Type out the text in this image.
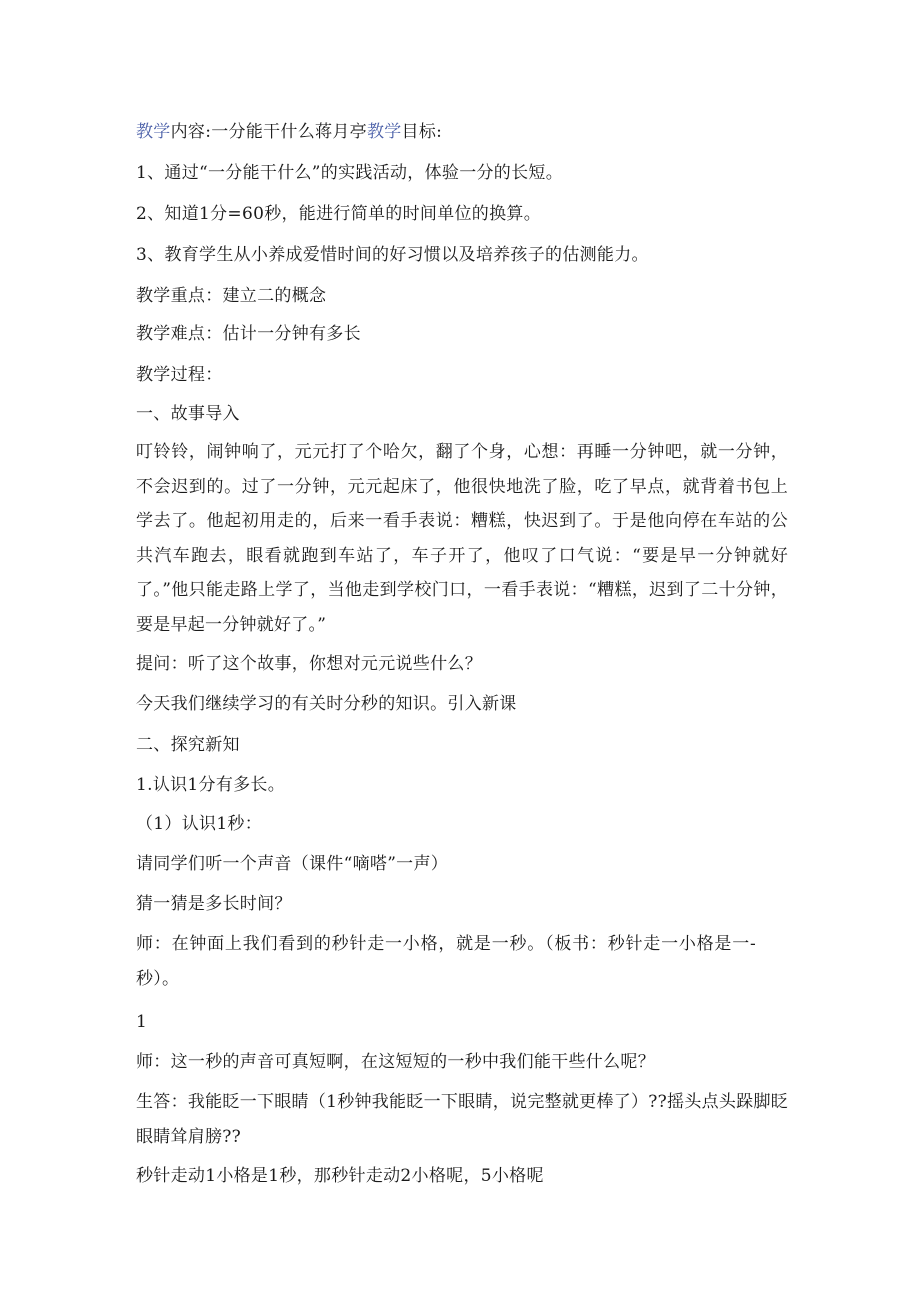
教学内容:一分能干什么蒋月亭教学目标:

1、通过“一分能干什么”的实践活动，体验一分的长短。

2、知道1分=60秒，能进行简单的时间单位的换算。

3、教育学生从小养成爱惜时间的好习惯以及培养孩子的估测能力。

教学重点：建立二的概念

教学难点：估计一分钟有多长

教学过程：

一、故事导入

叮铃铃，闹钟响了，元元打了个哈欠，翻了个身，心想：再睡一分钟吧，就一分钟，不会迟到的。过了一分钟，元元起床了，他很快地洗了脸，吃了早点，就背着书包上学去了。他起初用走的，后来一看手表说：糟糕，快迟到了。于是他向停在车站的公共汽车跑去，眼看就跑到车站了，车子开了，他叹了口气说：“要是早一分钟就好了。”他只能走路上学了，当他走到学校门口，一看手表说：“糟糕，迟到了二十分钟，要是早起一分钟就好了。”

提问：听了这个故事，你想对元元说些什么？

今天我们继续学习的有关时分秒的知识。引入新课

二、探究新知

1.认识1分有多长。

（1）认识1秒：

请同学们听一个声音（课件“嘀嗒”一声）

猜一猜是多长时间？

师：在钟面上我们看到的秒针走一小格，就是一秒。（板书：秒针走一小格是一-秒）。

1

师：这一秒的声音可真短啊，在这短短的一秒中我们能干些什么呢？

生答：我能眨一下眼睛（1秒钟我能眨一下眼睛，说完整就更棒了）??摇头点头跺脚眨眼睛耸肩膀??

秒针走动1小格是1秒，那秒针走动2小格呢，5小格呢
